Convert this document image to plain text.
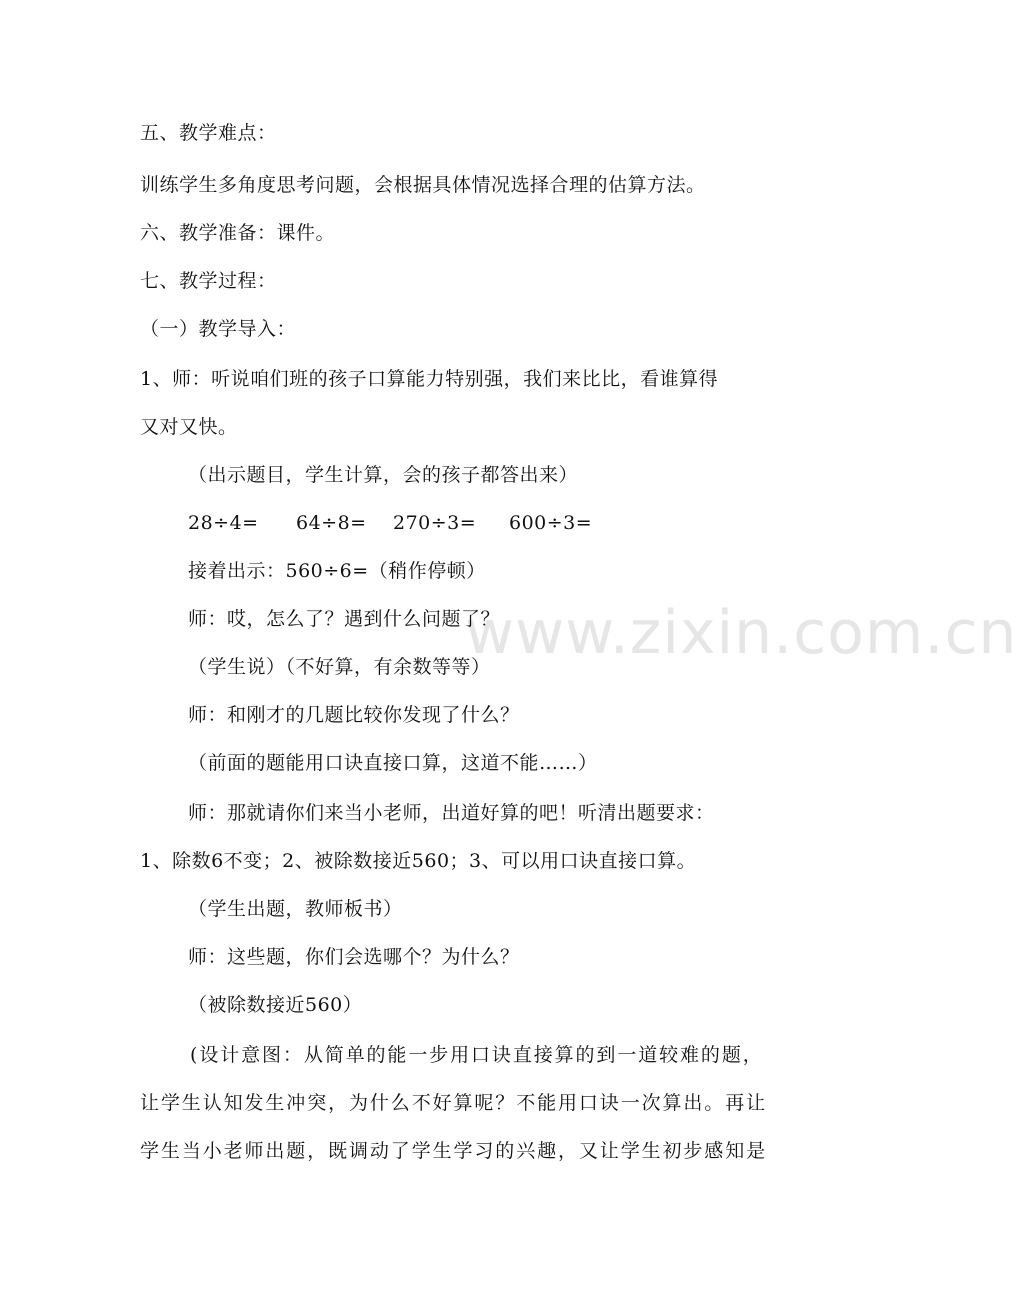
www.zixin.com.cn
五、教学难点：
训练学生多角度思考问题，会根据具体情况选择合理的估算方法。
六、教学准备：课件。
七、教学过程：
（一）教学导入：
1、师：听说咱们班的孩子口算能力特别强，我们来比比，看谁算得
又对又快。
（出示题目，学生计算，会的孩子都答出来）
28÷4= 64÷8= 270÷3= 600÷3=
接着出示：560÷6=（稍作停顿）
师：哎，怎么了？遇到什么问题了？
（学生说）（不好算，有余数等等）
师：和刚才的几题比较你发现了什么？
（前面的题能用口诀直接口算，这道不能……）
师：那就请你们来当小老师，出道好算的吧！听清出题要求：
1、除数6不变；2、被除数接近560；3、可以用口诀直接口算。
（学生出题，教师板书）
师：这些题，你们会选哪个？为什么？
（被除数接近560）
(设计意图：从简单的能一步用口诀直接算的到一道较难的题，
让学生认知发生冲突，为什么不好算呢？不能用口诀一次算出。再让
学生当小老师出题，既调动了学生学习的兴趣，又让学生初步感知是
